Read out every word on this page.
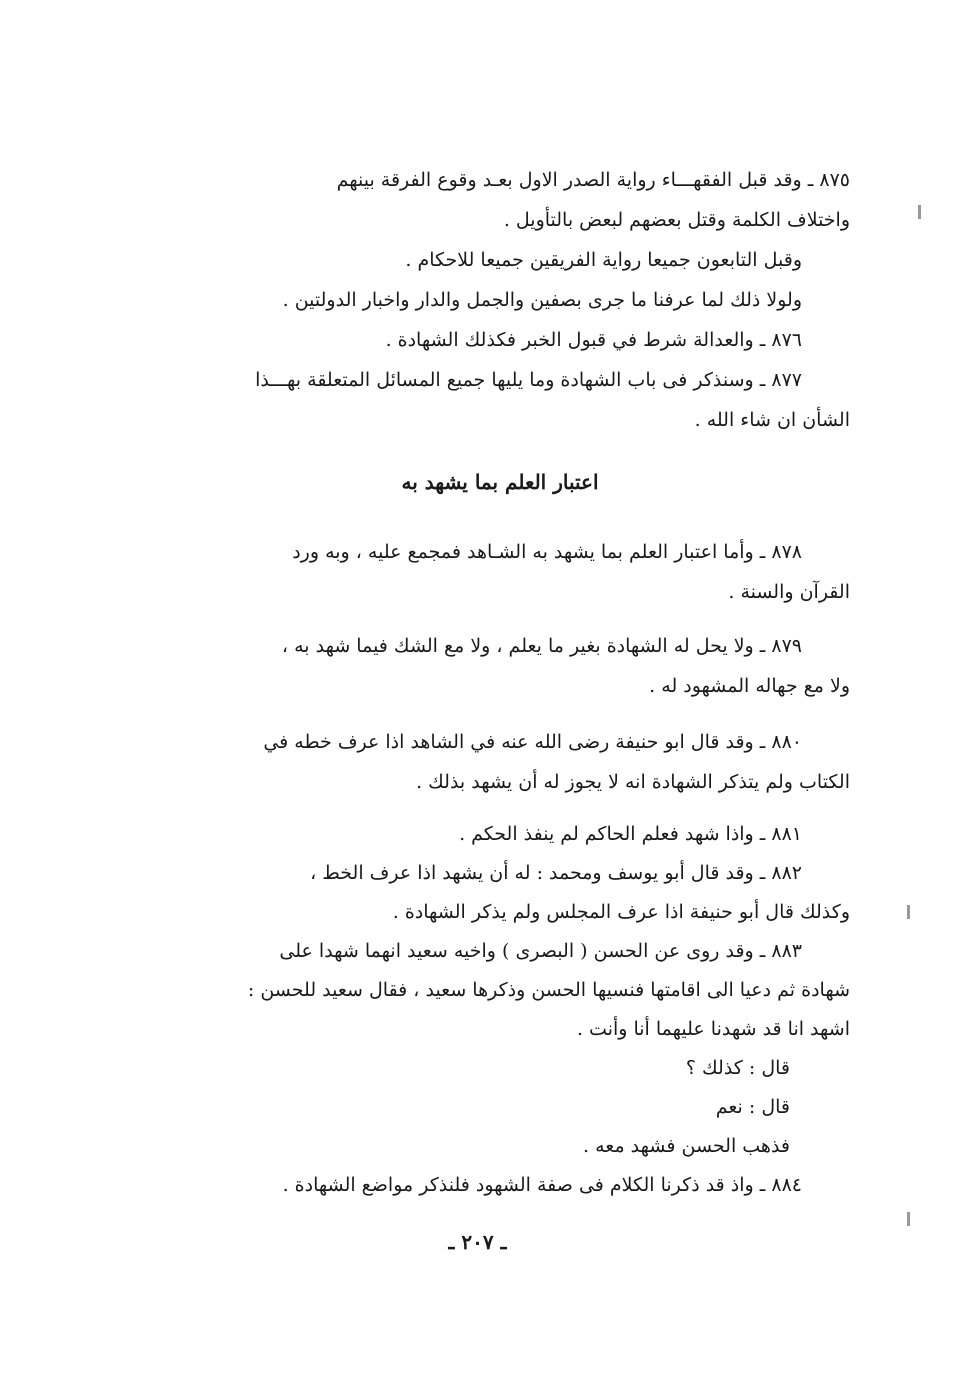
٨٧٥ ـ وقد قبل الفقهـــاء رواية الصدر الاول بعـد وقوع الفرقة بينهم
واختلاف الكلمة وقتل بعضهم لبعض بالتأويل .
وقبل التابعون جميعا رواية الفريقين جميعا للاحكام .
ولولا ذلك لما عرفنا ما جرى بصفين والجمل والدار واخبار الدولتين .
٨٧٦ ـ والعدالة شرط في قبول الخبر فكذلك الشهادة .
٨٧٧ ـ وسنذكر فى باب الشهادة وما يليها جميع المسائل المتعلقة بهـــذا
الشأن ان شاء الله .
اعتبار العلم بما يشهد به
٨٧٨ ـ وأما اعتبار العلم بما يشهد به الشـاهد فمجمع عليه ، وبه ورد
القرآن والسنة .
٨٧٩ ـ ولا يحل له الشهادة بغير ما يعلم ، ولا مع الشك فيما شهد به ،
ولا مع جهاله المشهود له .
٨٨٠ ـ وقد قال ابو حنيفة رضى الله عنه في الشاهد اذا عرف خطه في
الكتاب ولم يتذكر الشهادة انه لا يجوز له أن يشهد بذلك .
٨٨١ ـ واذا شهد فعلم الحاكم لم ينفذ الحكم .
٨٨٢ ـ وقد قال أبو يوسف ومحمد : له أن يشهد اذا عرف الخط ،
وكذلك قال أبو حنيفة اذا عرف المجلس ولم يذكر الشهادة .
٨٨٣ ـ وقد روى عن الحسن ( البصرى ) واخيه سعيد انهما شهدا على
شهادة ثم دعيا الى اقامتها فنسيها الحسن وذكرها سعيد ، فقال سعيد للحسن :
اشهد انا قد شهدنا عليهما أنا وأنت .
قال : كذلك ؟
قال : نعم
فذهب الحسن فشهد معه .
٨٨٤ ـ واذ قد ذكرنا الكلام فى صفة الشهود فلنذكر مواضع الشهادة .
ـ ٢٠٧ ـ
